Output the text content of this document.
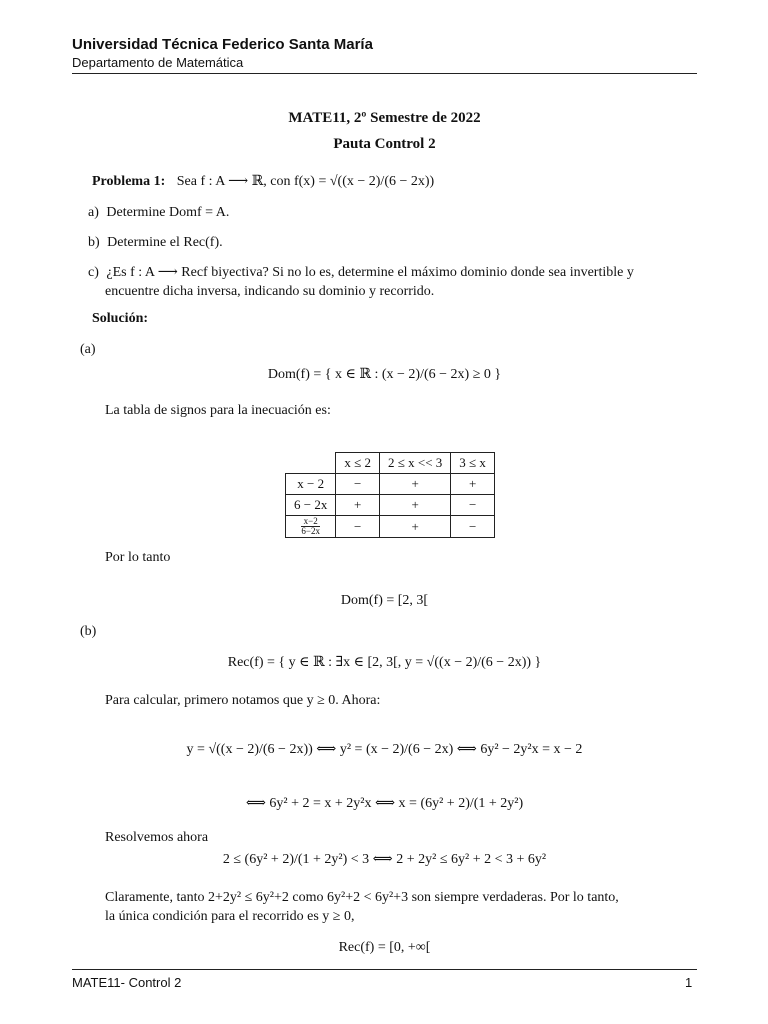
Universidad Técnica Federico Santa María
Departamento de Matemática
MATE11, 2º Semestre de 2022
Pauta Control 2
Problema 1: Sea f : A ⟶ ℝ, con f(x) = √((x − 2)/(6 − 2x))
a) Determine Domf = A.
b) Determine el Rec(f).
c) ¿Es f : A ⟶ Recf biyectiva? Si no lo es, determine el máximo dominio donde sea invertible y
encuentre dicha inversa, indicando su dominio y recorrido.
Solución:
(a)
Dom(f) = { x ∈ ℝ : (x − 2)/(6 − 2x) ≥ 0 }
La tabla de signos para la inecuación es:
	x ≤ 2	2 ≤ x << 3	3 ≤ x
x − 2	−	+	+
6 − 2x	+	+	−

$\frac{x-2}{6-2x}$	−	+	−
Por lo tanto
Dom(f) = [2, 3[
(b)
Rec(f) = { y ∈ ℝ : ∃x ∈ [2, 3[, y = √((x − 2)/(6 − 2x)) }
Para calcular, primero notamos que y ≥ 0. Ahora:
y = √((x − 2)/(6 − 2x)) ⟺ y² = (x − 2)/(6 − 2x) ⟺ 6y² − 2y²x = x − 2
⟺ 6y² + 2 = x + 2y²x ⟺ x = (6y² + 2)/(1 + 2y²)
Resolvemos ahora
2 ≤ (6y² + 2)/(1 + 2y²) < 3 ⟺ 2 + 2y² ≤ 6y² + 2 < 3 + 6y²
Claramente, tanto 2+2y² ≤ 6y²+2 como 6y²+2 < 6y²+3 son siempre verdaderas. Por lo tanto,
la única condición para el recorrido es y ≥ 0,
Rec(f) = [0, +∞[
MATE11- Control 2	1
